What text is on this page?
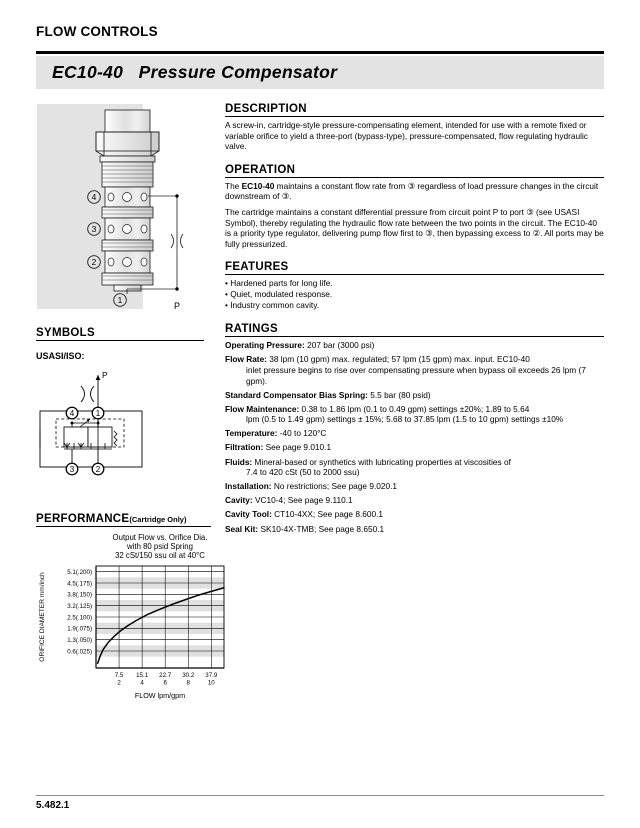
FLOW CONTROLS
EC10-40   Pressure Compensator
4
3
2
1
P
SYMBOLS
USASI/ISO:
P
4	1
3	2
PERFORMANCE(Cartridge Only)
Output Flow vs. Orifice Dia.
with 80 psid Spring
32 cSt/150 ssu oil at 40°C
5.1(.200)
4.5(.175)
3.8(.150)
3.2(.125)
2.5(.100)
1.9(.075)
1.3(.050)
0.6(.025)
7.5
2
15.1
4
22.7
6
30.2
8
37.9
10
FLOW lpm/gpm
ORIFICE DIAMETER mm/inch
DESCRIPTION

A screw-in, cartridge-style pressure-compensating element, intended for use with a remote fixed or variable orifice to yield a three-port (bypass-type), pressure-compensated, flow regulating hydraulic valve.

OPERATION

The EC10-40 maintains a constant flow rate from ③ regardless of load pressure changes in the circuit downstream of ③.

The cartridge maintains a constant differential pressure from circuit point P to port ③ (see USASI Symbol), thereby regulating the hydraulic flow rate between the two points in the circuit. The EC10-40 is a priority type regulator, delivering pump flow first to ③, then bypassing excess to ②. All ports may be fully pressurized.

FEATURES
• Hardened parts for long life.
• Quiet, modulated response.
• Industry common cavity.
RATINGS
Operating Pressure: 207 bar (3000 psi)
Flow Rate: 38 lpm (10 gpm) max. regulated; 57 lpm (15 gpm) max. input. EC10-40
inlet pressure begins to rise over compensating pressure when bypass oil exceeds 26 lpm (7 gpm).
Standard Compensator Bias Spring: 5.5 bar (80 psid)
Flow Maintenance: 0.38 to 1.86 lpm (0.1 to 0.49 gpm) settings ±20%; 1.89 to 5.64
lpm (0.5 to 1.49 gpm) settings ± 15%; 5.68 to 37.85 lpm (1.5 to 10 gpm) settings ±10%
Temperature: -40 to 120°C
Filtration: See page 9.010.1
Fluids: Mineral-based or synthetics with lubricating properties at viscosities of
7.4 to 420 cSt (50 to 2000 ssu)
Installation: No restrictions; See page 9.020.1
Cavity: VC10-4; See page 9.110.1
Cavity Tool: CT10-4XX; See page 8.600.1
Seal Kit: SK10-4X-TMB; See page 8.650.1
5.482.1
